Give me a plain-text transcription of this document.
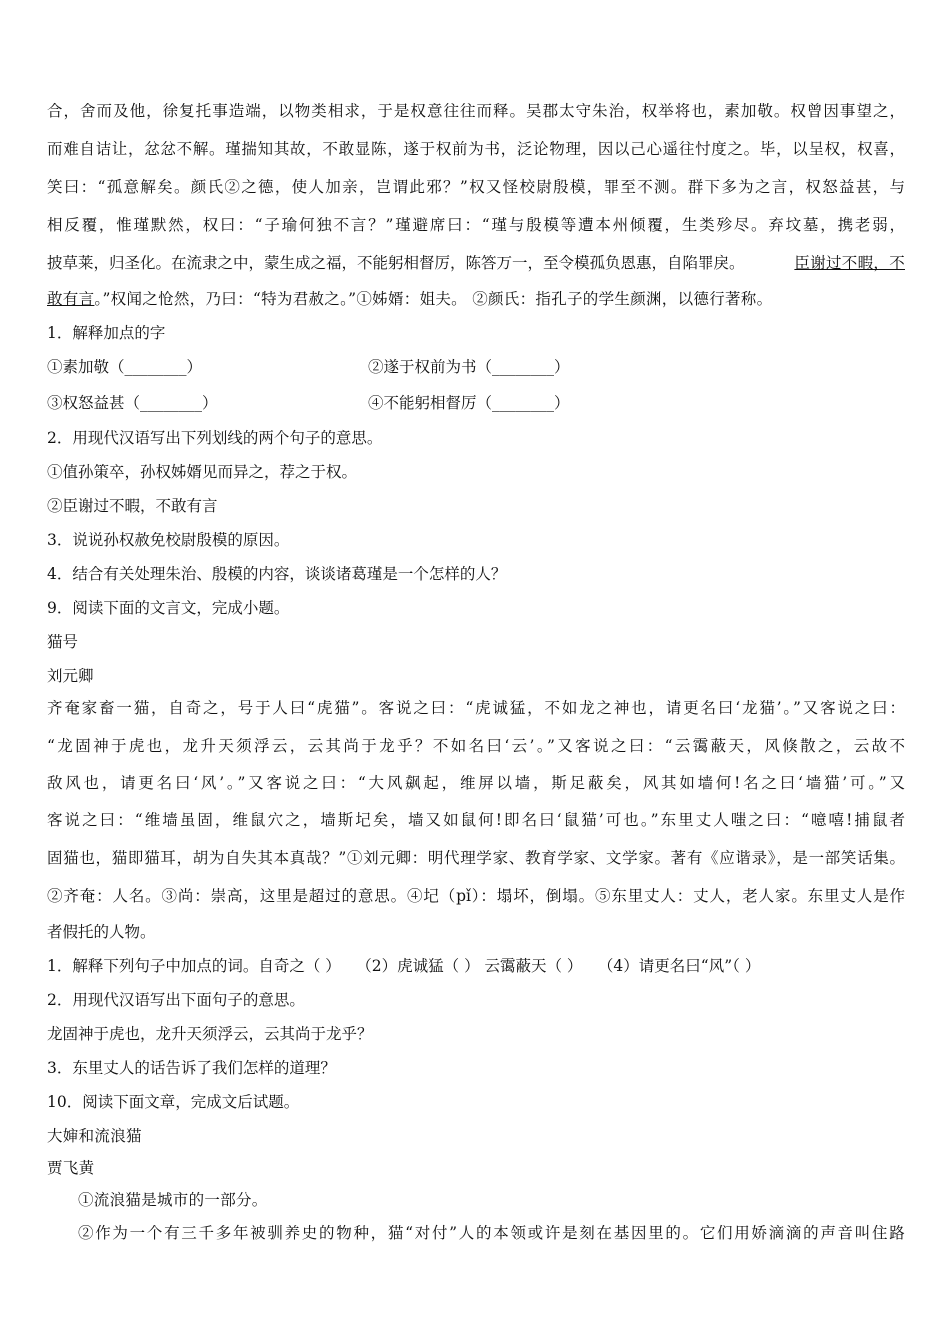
合，舍而及他，徐复托事造端，以物类相求，于是权意往往而释。吴郡太守朱治，权举将也，素加敬。权曾因事望之，
而难自诘让，忿忿不解。瑾揣知其故，不敢显陈，遂于权前为书，泛论物理，因以己心遥往忖度之。毕，以呈权，权喜，
笑曰：“孤意解矣。颜氏②之德，使人加亲，岂谓此邪？”权又怪校尉殷模，罪至不测。群下多为之言，权怒益甚，与
相反覆，惟瑾默然，权曰：“子瑜何独不言？”瑾避席曰：“瑾与殷模等遭本州倾覆，生类殄尽。弃坟墓，携老弱，
披草莱，归圣化。在流隶之中，蒙生成之福，不能躬相督厉，陈答万一，至令模孤负恩惠，自陷罪戾。	臣谢过不暇，不
敢有言。”权闻之怆然，乃曰：“特为君赦之。”①姊婿：姐夫。 ②颜氏：指孔子的学生颜渊，以德行著称。
1．解释加点的字
①素加敬（________）	②遂于权前为书（________）
③权怒益甚（________）	④不能躬相督厉（________）
2．用现代汉语写出下列划线的两个句子的意思。
①值孙策卒，孙权姊婿见而异之，荐之于权。
②臣谢过不暇，不敢有言
3．说说孙权赦免校尉殷模的原因。
4．结合有关处理朱治、殷模的内容，谈谈诸葛瑾是一个怎样的人？
9．阅读下面的文言文，完成小题。
猫号
刘元卿
齐奄家畜一猫，自奇之，号于人曰“虎猫”。客说之曰：“虎诚猛，不如龙之神也，请更名曰‘龙猫’。”又客说之曰：
“龙固神于虎也，龙升天须浮云，云其尚于龙乎？不如名曰‘云’。”又客说之曰：“云霭蔽天，风倏散之，云故不
敌风也，请更名曰‘风’。”又客说之曰：“大风飙起，维屏以墙，斯足蔽矣，风其如墙何!名之曰‘墙猫’可。”又
客说之曰：“维墙虽固，维鼠穴之，墙斯圮矣，墙又如鼠何!即名曰‘鼠猫’可也。”东里丈人嗤之曰：“噫嘻!捕鼠者
固猫也，猫即猫耳，胡为自失其本真哉？”①刘元卿：明代理学家、教育学家、文学家。著有《应谐录》，是一部笑话集。
②齐奄：人名。③尚：崇高，这里是超过的意思。④圮（pǐ）：塌坏，倒塌。⑤东里丈人：丈人，老人家。东里丈人是作
者假托的人物。
1．解释下列句子中加点的词。自奇之（ ）　　（2）虎诚猛（ ） 云霭蔽天（ ）　　（4）请更名曰“风”（ ）
2．用现代汉语写出下面句子的意思。
龙固神于虎也，龙升天须浮云，云其尚于龙乎？
3．东里丈人的话告诉了我们怎样的道理？
10．阅读下面文章，完成文后试题。
大婶和流浪猫
贾飞黄
①流浪猫是城市的一部分。
②作为一个有三千多年被驯养史的物种，猫“对付”人的本领或许是刻在基因里的。它们用娇滴滴的声音叫住路
